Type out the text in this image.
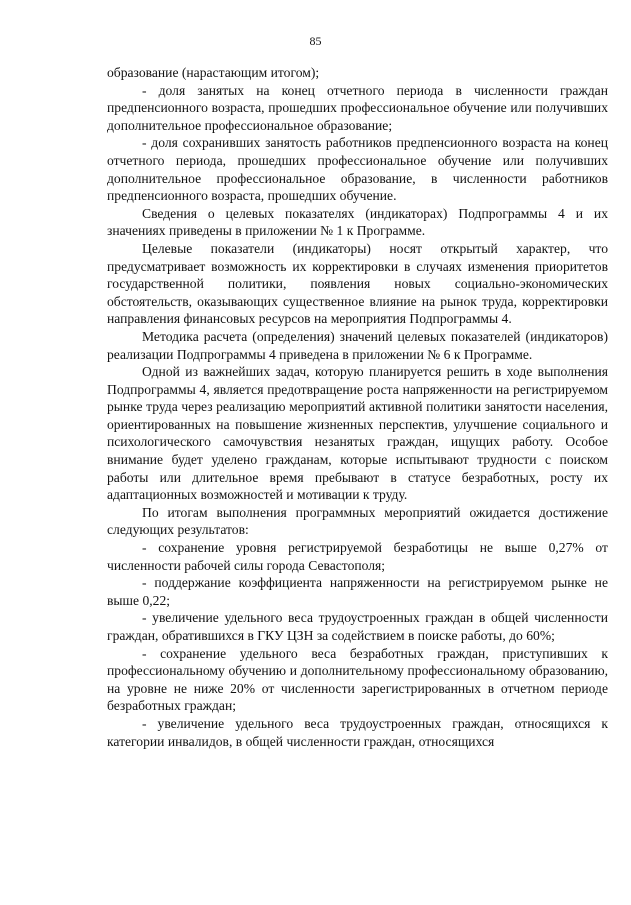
85

образование (нарастающим итогом);

- доля занятых на конец отчетного периода в численности граждан предпенсионного возраста, прошедших профессиональное обучение или получивших дополнительное профессиональное образование;

- доля сохранивших занятость работников предпенсионного возраста на конец отчетного периода, прошедших профессиональное обучение или получивших дополнительное профессиональное образование, в численности работников предпенсионного возраста, прошедших обучение.

Сведения о целевых показателях (индикаторах) Подпрограммы 4 и их значениях приведены в приложении № 1 к Программе.

Целевые показатели (индикаторы) носят открытый характер, что предусматривает возможность их корректировки в случаях изменения приоритетов государственной политики, появления новых социально-экономических обстоятельств, оказывающих существенное влияние на рынок труда, корректировки направления финансовых ресурсов на мероприятия Подпрограммы 4.

Методика расчета (определения) значений целевых показателей (индикаторов) реализации Подпрограммы 4 приведена в приложении № 6 к Программе.

Одной из важнейших задач, которую планируется решить в ходе выполнения Подпрограммы 4, является предотвращение роста напряженности на регистрируемом рынке труда через реализацию мероприятий активной политики занятости населения, ориентированных на повышение жизненных перспектив, улучшение социального и психологического самочувствия незанятых граждан, ищущих работу. Особое внимание будет уделено гражданам, которые испытывают трудности с поиском работы или длительное время пребывают в статусе безработных, росту их адаптационных возможностей и мотивации к труду.

По итогам выполнения программных мероприятий ожидается достижение следующих результатов:

- сохранение уровня регистрируемой безработицы не выше 0,27% от численности рабочей силы города Севастополя;

- поддержание коэффициента напряженности на регистрируемом рынке не выше 0,22;

- увеличение удельного веса трудоустроенных граждан в общей численности граждан, обратившихся в ГКУ ЦЗН за содействием в поиске работы, до 60%;

- сохранение удельного веса безработных граждан, приступивших к профессиональному обучению и дополнительному профессиональному образованию, на уровне не ниже 20% от численности зарегистрированных в отчетном периоде безработных граждан;

- увеличение удельного веса трудоустроенных граждан, относящихся к категории инвалидов, в общей численности граждан, относящихся
